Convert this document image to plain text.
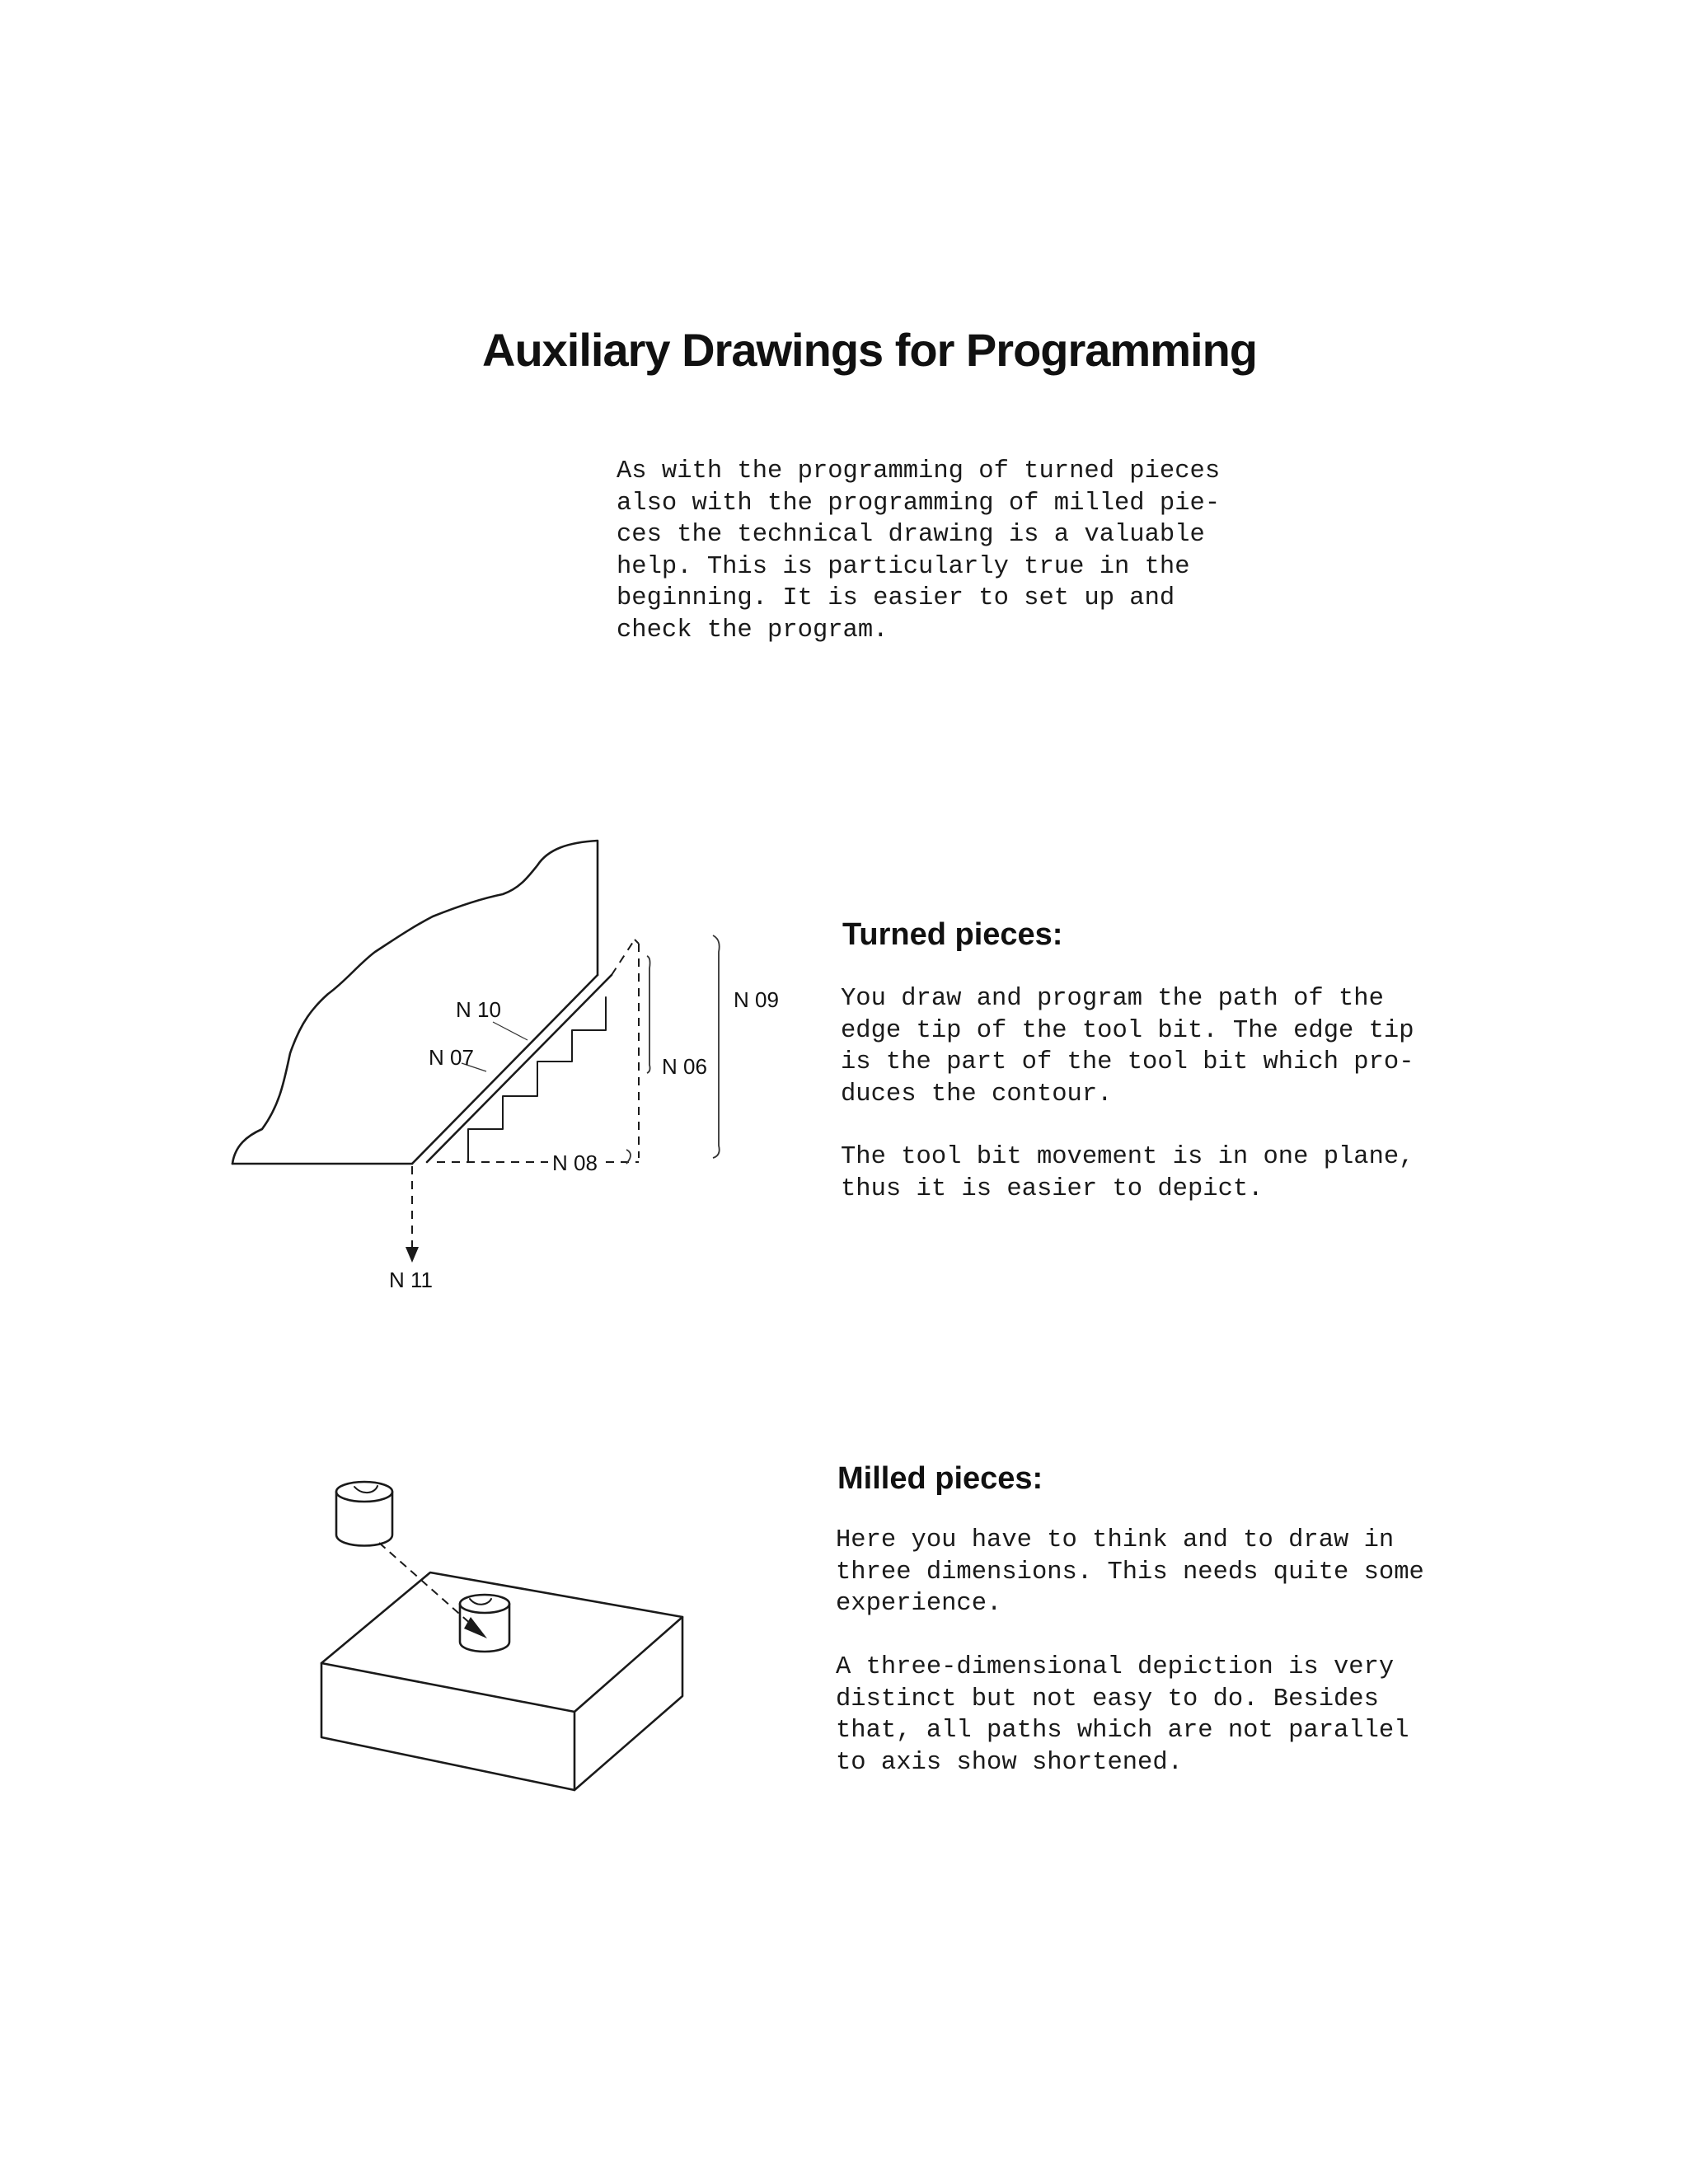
Auxiliary Drawings for Programming
As with the programming of turned pieces
also with the programming of milled pie-
ces the technical drawing is a valuable
help. This is particularly true in the
beginning. It is easier to set up and
check the program.
N 10
N 07
N 09
N 06
N 08
N 11
Turned pieces:
You draw and program the path of the
edge tip of the tool bit. The edge tip
is the part of the tool bit which pro-
duces the contour.
The tool bit movement is in one plane,
thus it is easier to depict.
Milled pieces:
Here you have to think and to draw in
three dimensions. This needs quite some
experience.
A three-dimensional depiction is very
distinct but not easy to do. Besides
that, all paths which are not parallel
to axis show shortened.
